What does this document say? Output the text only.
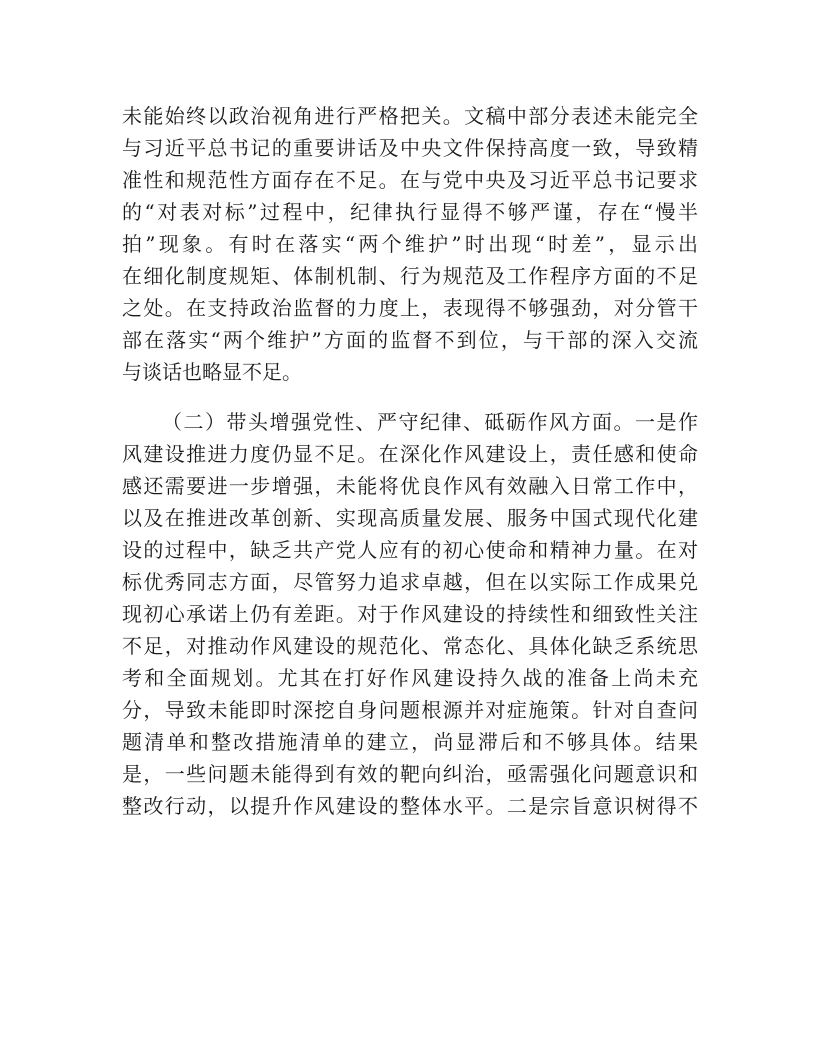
未能始终以政治视角进行严格把关。文稿中部分表述未能完全
与习近平总书记的重要讲话及中央文件保持高度一致，导致精
准性和规范性方面存在不足。在与党中央及习近平总书记要求
的“对表对标”过程中，纪律执行显得不够严谨，存在“慢半
拍”现象。有时在落实“两个维护”时出现“时差”，显示出
在细化制度规矩、体制机制、行为规范及工作程序方面的不足
之处。在支持政治监督的力度上，表现得不够强劲，对分管干
部在落实“两个维护”方面的监督不到位，与干部的深入交流
与谈话也略显不足。

（二）带头增强党性、严守纪律、砥砺作风方面。一是作
风建设推进力度仍显不足。在深化作风建设上，责任感和使命
感还需要进一步增强，未能将优良作风有效融入日常工作中，
以及在推进改革创新、实现高质量发展、服务中国式现代化建
设的过程中，缺乏共产党人应有的初心使命和精神力量。在对
标优秀同志方面，尽管努力追求卓越，但在以实际工作成果兑
现初心承诺上仍有差距。对于作风建设的持续性和细致性关注
不足，对推动作风建设的规范化、常态化、具体化缺乏系统思
考和全面规划。尤其在打好作风建设持久战的准备上尚未充
分，导致未能即时深挖自身问题根源并对症施策。针对自查问
题清单和整改措施清单的建立，尚显滞后和不够具体。结果
是，一些问题未能得到有效的靶向纠治，亟需强化问题意识和
整改行动，以提升作风建设的整体水平。二是宗旨意识树得不
